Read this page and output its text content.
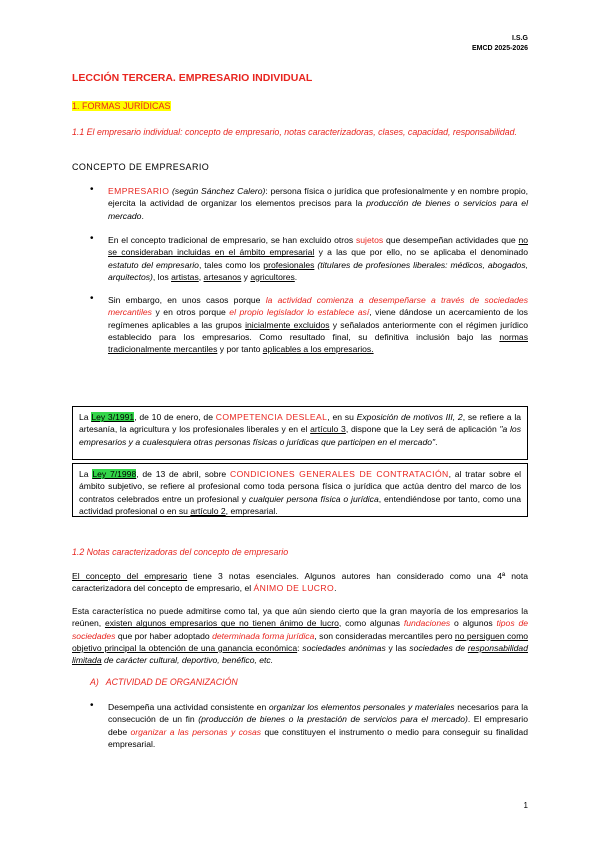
I.S.G
EMCD 2025-2026
LECCIÓN TERCERA. EMPRESARIO INDIVIDUAL
1. FORMAS JURÍDICAS
1.1 El empresario individual: concepto de empresario, notas caracterizadoras, clases, capacidad, responsabilidad.
CONCEPTO DE EMPRESARIO
• EMPRESARIO (según Sánchez Calero): persona física o jurídica que profesionalmente y en nombre propio, ejercita la actividad de organizar los elementos precisos para la producción de bienes o servicios para el mercado.

• En el concepto tradicional de empresario, se han excluido otros sujetos que desempeñan actividades que no se consideraban incluidas en el ámbito empresarial y a las que por ello, no se aplicaba el denominado estatuto del empresario, tales como los profesionales (titulares de profesiones liberales: médicos, abogados, arquitectos), los artistas, artesanos y agricultores.

• Sin embargo, en unos casos porque la actividad comienza a desempeñarse a través de sociedades mercantiles y en otros porque el propio legislador lo establece así, viene dándose un acercamiento de los regímenes aplicables a las grupos inicialmente excluidos y señalados anteriormente con el régimen jurídico establecido para los empresarios. Como resultado final, su definitiva inclusión bajo las normas tradicionalmente mercantiles y por tanto aplicables a los empresarios.

La Ley 3/1991, de 10 de enero, de COMPETENCIA DESLEAL, en su Exposición de motivos III, 2, se refiere a la artesanía, la agricultura y los profesionales liberales y en el artículo 3, dispone que la Ley será de aplicación "a los empresarios y a cualesquiera otras personas físicas o jurídicas que participen en el mercado".

La Ley 7/1998, de 13 de abril, sobre CONDICIONES GENERALES DE CONTRATACIÓN, al tratar sobre el ámbito subjetivo, se refiere al profesional como toda persona física o jurídica que actúa dentro del marco de los contratos celebrados entre un profesional y cualquier persona física o jurídica, entendiéndose por tanto, como una actividad profesional o en su artículo 2, empresarial.

1.2 Notas caracterizadoras del concepto de empresario

El concepto del empresario tiene 3 notas esenciales. Algunos autores han considerado como una 4ª nota caracterizadora del concepto de empresario, el ÁNIMO DE LUCRO.

Esta característica no puede admitirse como tal, ya que aún siendo cierto que la gran mayoría de los empresarios la reúnen, existen algunos empresarios que no tienen ánimo de lucro, como algunas fundaciones o algunos tipos de sociedades que por haber adoptado determinada forma jurídica, son consideradas mercantiles pero no persiguen como objetivo principal la obtención de una ganancia económica: sociedades anónimas y las sociedades de responsabilidad limitada de carácter cultural, deportivo, benéfico, etc.

A)   ACTIVIDAD DE ORGANIZACIÓN
• Desempeña una actividad consistente en organizar los elementos personales y materiales necesarios para la consecución de un fin (producción de bienes o la prestación de servicios para el mercado). El empresario debe organizar a las personas y cosas que constituyen el instrumento o medio para conseguir su finalidad empresarial.

1
